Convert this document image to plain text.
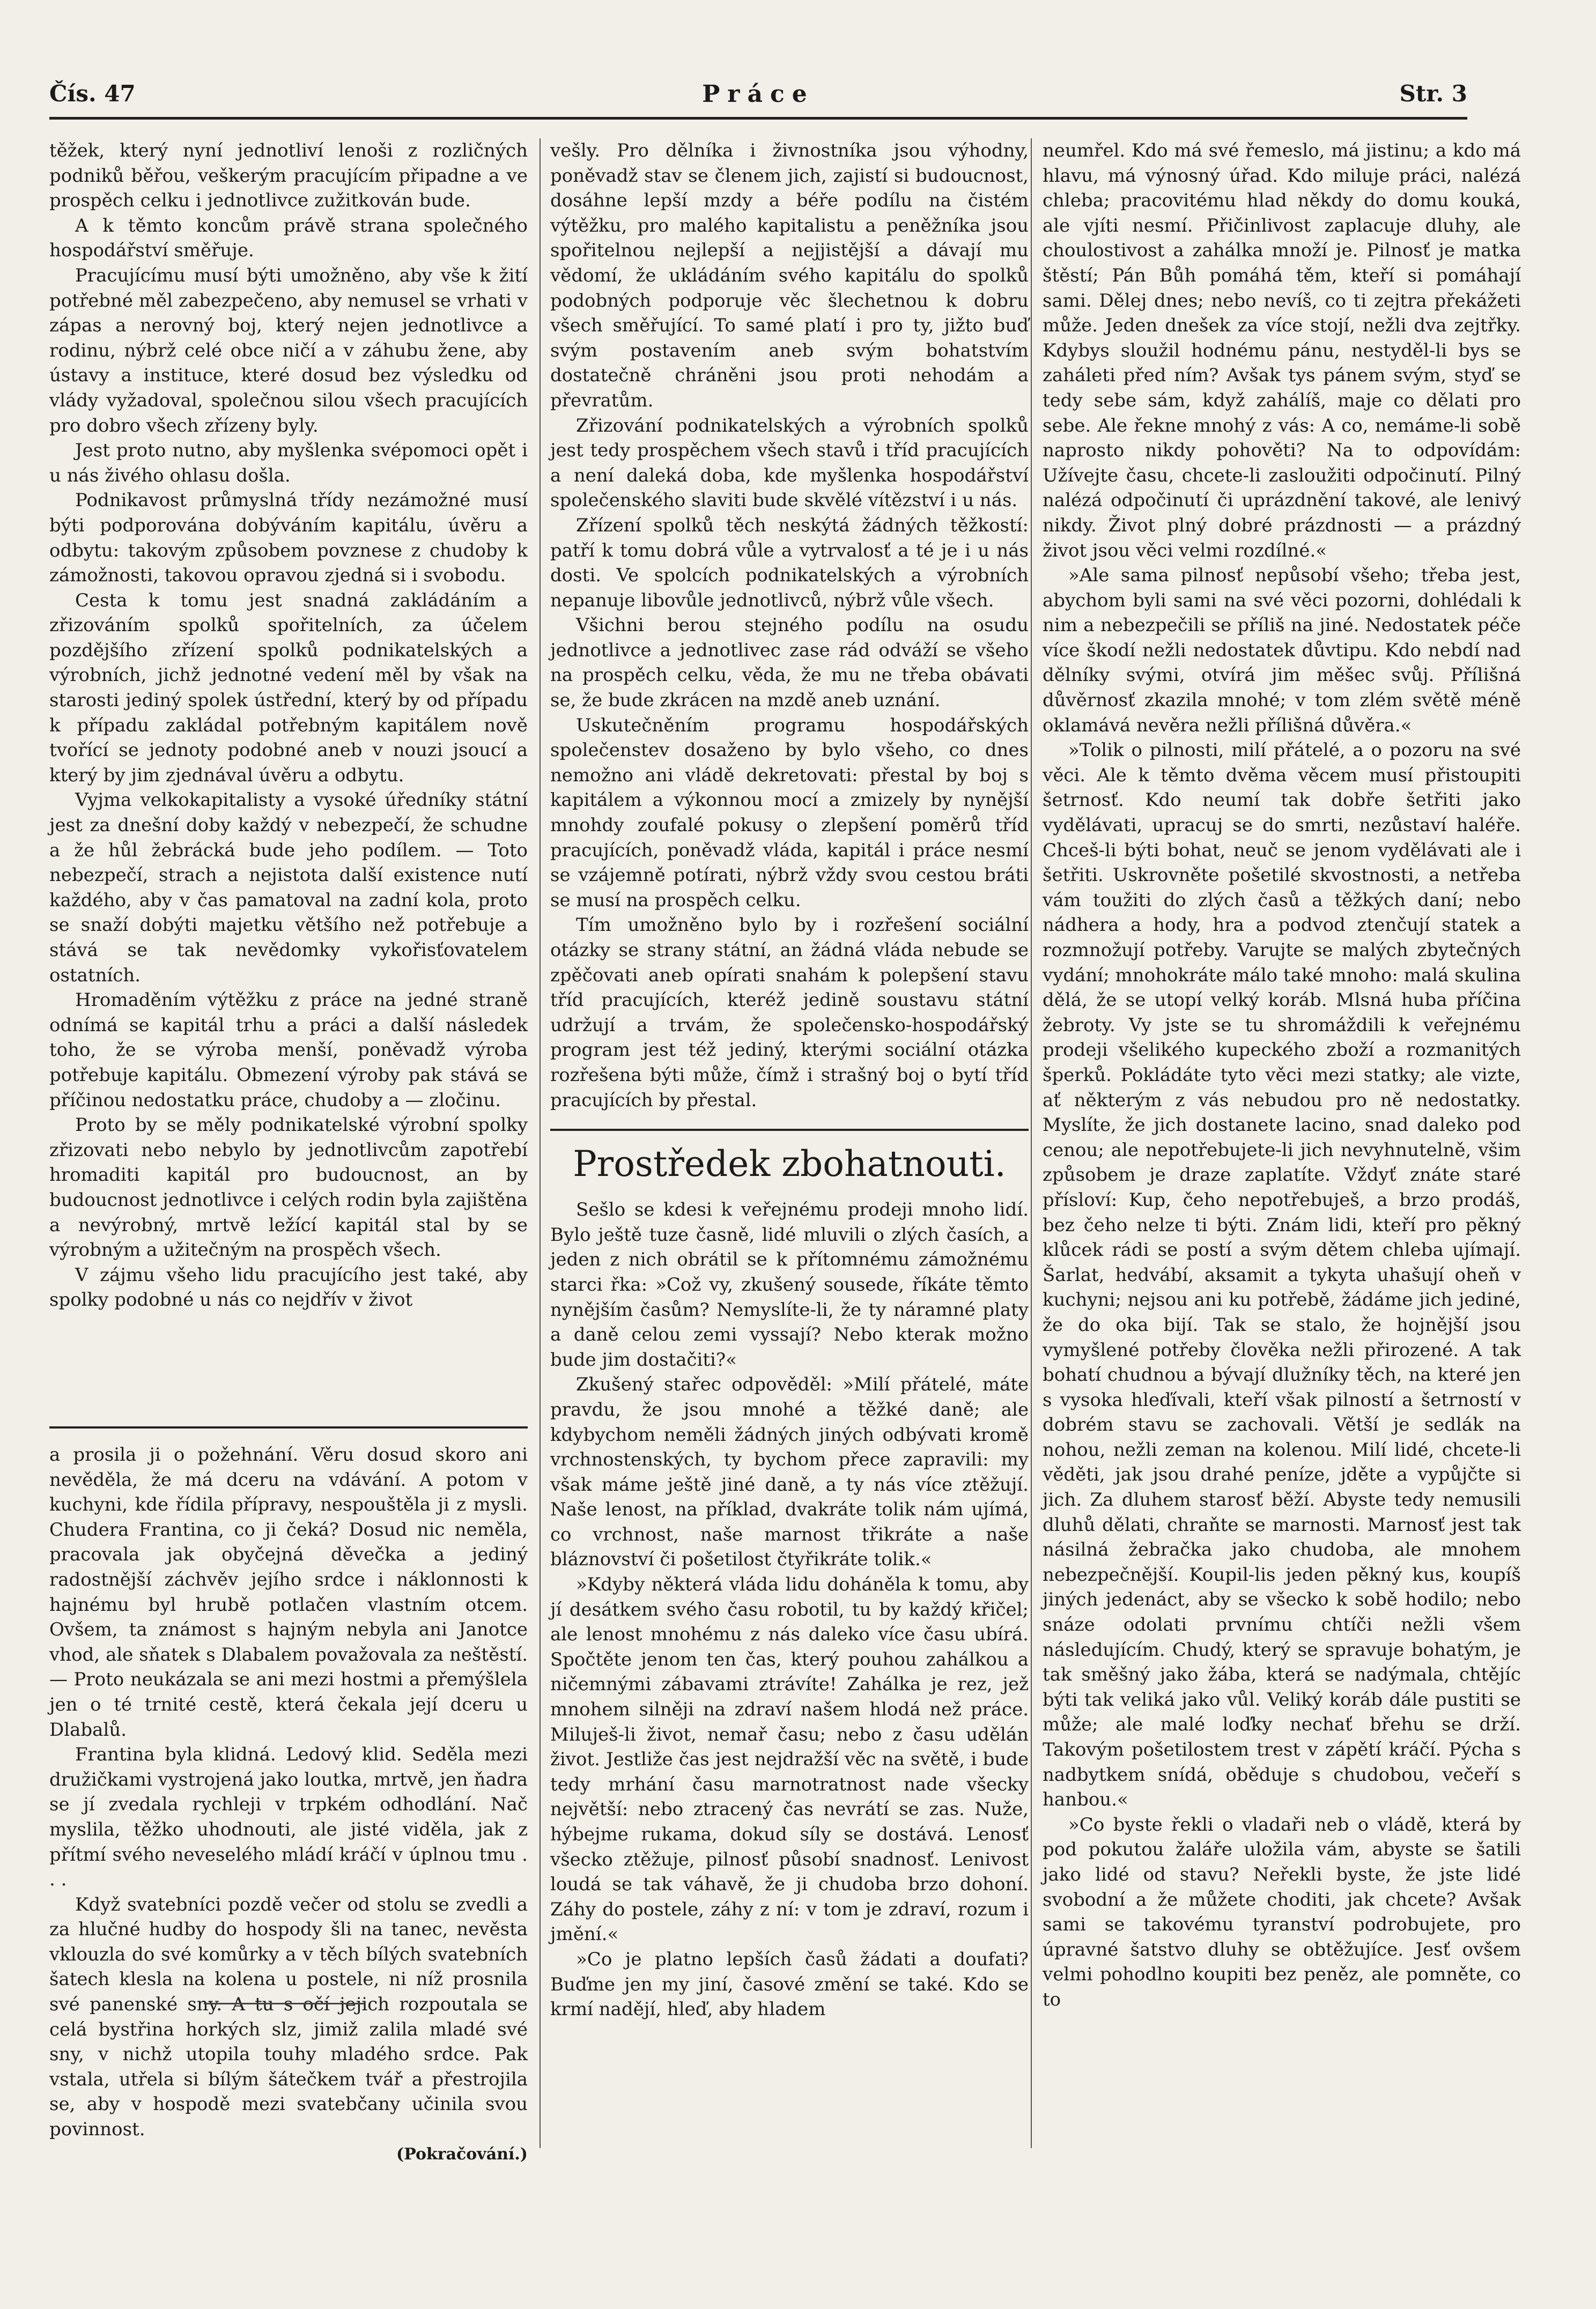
Čís. 47	Práce	Str. 3

těžek, který nyní jednotliví lenoši z rozličných podniků běřou, veškerým pracujícím připadne a ve prospěch celku i jednotlivce zužitkován bude.

A k těmto koncům právě strana společného hospodářství směřuje.

Pracujícímu musí býti umožněno, aby vše k žití potřebné měl zabezpečeno, aby nemusel se vrhati v zápas a nerovný boj, který nejen jednotlivce a rodinu, nýbrž celé obce ničí a v záhubu žene, aby ústavy a instituce, které dosud bez výsledku od vlády vyžadoval, společnou silou všech pracujících pro dobro všech zřízeny byly.

Jest proto nutno, aby myšlenka svépomoci opět i u nás živého ohlasu došla.

Podnikavost průmyslná třídy nezámožné musí býti podporována dobýváním kapitálu, úvěru a odbytu: takovým způsobem povznese z chudoby k zámožnosti, takovou opravou zjedná si i svobodu.

Cesta k tomu jest snadná zakládáním a zřizováním spolků spořitelních, za účelem pozdějšího zřízení spolků podnikatelských a výrobních, jichž jednotné vedení měl by však na starosti jediný spolek ústřední, který by od případu k případu zakládal potřebným kapitálem nově tvořící se jednoty podobné aneb v nouzi jsoucí a který by jim zjednával úvěru a odbytu.

Vyjma velkokapitalisty a vysoké úředníky státní jest za dnešní doby každý v nebezpečí, že schudne a že hůl žebrácká bude jeho podílem. — Toto nebezpečí, strach a nejistota další existence nutí každého, aby v čas pamatoval na zadní kola, proto se snaží dobýti majetku většího než potřebuje a stává se tak nevědomky vykořisťovatelem ostatních.

Hromaděním výtěžku z práce na jedné straně odnímá se kapitál trhu a práci a další následek toho, že se výroba menší, poněvadž výroba potřebuje kapitálu. Obmezení výroby pak stává se příčinou nedostatku práce, chudoby a — zločinu.

Proto by se měly podnikatelské výrobní spolky zřizovati nebo nebylo by jednotlivcům zapotřebí hromaditi kapitál pro budoucnost, an by budoucnost jednotlivce i celých rodin byla zajištěna a nevýrobný, mrtvě ležící kapitál stal by se výrobným a užitečným na prospěch všech.

V zájmu všeho lidu pracujícího jest také, aby spolky podobné u nás co nejdřív v život

a prosila ji o požehnání. Věru dosud skoro ani nevěděla, že má dceru na vdávání. A potom v kuchyni, kde řídila přípravy, nespouštěla ji z mysli. Chudera Frantina, co ji čeká? Dosud nic neměla, pracovala jak obyčejná děvečka a jediný radostnější záchvěv jejího srdce i náklonnosti k hajnému byl hrubě potlačen vlastním otcem. Ovšem, ta známost s hajným nebyla ani Janotce vhod, ale sňatek s Dlabalem považovala za neštěstí. — Proto neukázala se ani mezi hostmi a přemýšlela jen o té trnité cestě, která čekala její dceru u Dlabalů.

Frantina byla klidná. Ledový klid. Seděla mezi družičkami vystrojená jako loutka, mrtvě, jen ňadra se jí zvedala rychleji v trpkém odhodlání. Nač myslila, těžko uhodnouti, ale jisté viděla, jak z přítmí svého neveselého mládí kráčí v úplnou tmu . . .

Když svatebníci pozdě večer od stolu se zvedli a za hlučné hudby do hospody šli na tanec, nevěsta vklouzla do své komůrky a v těch bílých svatebních šatech klesla na kolena u postele, ni níž prosnila své panenské sny. A tu s očí jejich rozpoutala se celá bystřina horkých slz, jimiž zalila mladé své sny, v nichž utopila touhy mladého srdce. Pak vstala, utřela si bílým šátečkem tvář a přestrojila se, aby v hospodě mezi svatebčany učinila svou povinnost.

(Pokračování.)

vešly. Pro dělníka i živnostníka jsou výhodny, poněvadž stav se členem jich, zajistí si budoucnost, dosáhne lepší mzdy a béře podílu na čistém výtěžku, pro malého kapitalistu a peněžníka jsou spořitelnou nejlepší a nejjistější a dávají mu vědomí, že ukládáním svého kapitálu do spolků podobných podporuje věc šlechetnou k dobru všech směřující. To samé platí i pro ty, jižto buď svým postavením aneb svým bohatstvím dostatečně chráněni jsou proti nehodám a převratům.

Zřizování podnikatelských a výrobních spolků jest tedy prospěchem všech stavů i tříd pracujících a není daleká doba, kde myšlenka hospodářství společenského slaviti bude skvělé vítězství i u nás.

Zřízení spolků těch neskýtá žádných těžkostí: patří k tomu dobrá vůle a vytrvalosť a té je i u nás dosti. Ve spolcích podnikatelských a výrobních nepanuje libovůle jednotlivců, nýbrž vůle všech.

Všichni berou stejného podílu na osudu jednotlivce a jednotlivec zase rád odváží se všeho na prospěch celku, věda, že mu ne třeba obávati se, že bude zkrácen na mzdě aneb uznání.

Uskutečněním programu hospodářských společenstev dosaženo by bylo všeho, co dnes nemožno ani vládě dekretovati: přestal by boj s kapitálem a výkonnou mocí a zmizely by nynější mnohdy zoufalé pokusy o zlepšení poměrů tříd pracujících, poněvadž vláda, kapitál i práce nesmí se vzájemně potírati, nýbrž vždy svou cestou bráti se musí na prospěch celku.

Tím umožněno bylo by i rozřešení sociální otázky se strany státní, an žádná vláda nebude se zpěčovati aneb opírati snahám k polepšení stavu tříd pracujících, kteréž jedině soustavu státní udržují a trvám, že společensko-hospodářský program jest též jediný, kterými sociální otázka rozřešena býti může, čímž i strašný boj o bytí tříd pracujících by přestal.

Prostředek zbohatnouti.

Sešlo se kdesi k veřejnému prodeji mnoho lidí. Bylo ještě tuze časně, lidé mluvili o zlých časích, a jeden z nich obrátil se k přítomnému zámožnému starci řka: »Což vy, zkušený sousede, říkáte těmto nynějším časům? Nemyslíte-li, že ty náramné platy a daně celou zemi vyssají? Nebo kterak možno bude jim dostačiti?«

Zkušený stařec odpověděl: »Milí přátelé, máte pravdu, že jsou mnohé a těžké daně; ale kdybychom neměli žádných jiných odbývati kromě vrchnostenských, ty bychom přece zapravili: my však máme ještě jiné daně, a ty nás více ztěžují. Naše lenost, na příklad, dvakráte tolik nám ujímá, co vrchnost, naše marnost třikráte a naše bláznovství či pošetilost čtyřikráte tolik.«

»Kdyby některá vláda lidu doháněla k tomu, aby jí desátkem svého času robotil, tu by každý křičel; ale lenost mnohému z nás daleko více času ubírá. Spočtěte jenom ten čas, který pouhou zahálkou a ničemnými zábavami ztrávíte! Zahálka je rez, jež mnohem silněji na zdraví našem hlodá než práce. Miluješ-li život, nemař času; nebo z času udělán život. Jestliže čas jest nejdražší věc na světě, i bude tedy mrhání času marnotratnost nade všecky největší: nebo ztracený čas nevrátí se zas. Nuže, hýbejme rukama, dokud síly se dostává. Lenosť všecko ztěžuje, pilnosť působí snadnosť. Lenivost loudá se tak váhavě, že ji chudoba brzo dohoní. Záhy do postele, záhy z ní: v tom je zdraví, rozum i jmění.«

»Co je platno lepších časů žádati a doufati? Buďme jen my jiní, časové změní se také. Kdo se krmí nadějí, hleď, aby hladem

neumřel. Kdo má své řemeslo, má jistinu; a kdo má hlavu, má výnosný úřad. Kdo miluje práci, nalézá chleba; pracovitému hlad někdy do domu kouká, ale vjíti nesmí. Přičinlivost zaplacuje dluhy, ale choulostivost a zahálka množí je. Pilnosť je matka štěstí; Pán Bůh pomáhá těm, kteří si pomáhají sami. Dělej dnes; nebo nevíš, co ti zejtra překážeti může. Jeden dnešek za více stojí, nežli dva zejtřky. Kdybys sloužil hodnému pánu, nestyděl-li bys se zaháleti před ním? Avšak tys pánem svým, styď se tedy sebe sám, když zahálíš, maje co dělati pro sebe. Ale řekne mnohý z vás: A co, nemáme-li sobě naprosto nikdy pohověti? Na to odpovídám: Užívejte času, chcete-li zasloužiti odpočinutí. Pilný nalézá odpočinutí či uprázdnění takové, ale lenivý nikdy. Život plný dobré prázdnosti — a prázdný život jsou věci velmi rozdílné.«

»Ale sama pilnosť nepůsobí všeho; třeba jest, abychom byli sami na své věci pozorni, dohlédali k nim a nebezpečili se příliš na jiné. Nedostatek péče více škodí nežli nedostatek důvtipu. Kdo nebdí nad dělníky svými, otvírá jim měšec svůj. Přílišná důvěrnosť zkazila mnohé; v tom zlém světě méně oklamává nevěra nežli přílišná důvěra.«

»Tolik o pilnosti, milí přátelé, a o pozoru na své věci. Ale k těmto dvěma věcem musí přistoupiti šetrnosť. Kdo neumí tak dobře šetřiti jako vydělávati, upracuj se do smrti, nezůstaví haléře. Chceš-li býti bohat, neuč se jenom vydělávati ale i šetřiti. Uskrovněte pošetilé skvostnosti, a netřeba vám toužiti do zlých časů a těžkých daní; nebo nádhera a hody, hra a podvod ztenčují statek a rozmnožují potřeby. Varujte se malých zbytečných vydání; mnohokráte málo také mnoho: malá skulina dělá, že se utopí velký koráb. Mlsná huba příčina žebroty. Vy jste se tu shromáždili k veřejnému prodeji všelikého kupeckého zboží a rozmanitých šperků. Pokládáte tyto věci mezi statky; ale vizte, ať některým z vás nebudou pro ně nedostatky. Myslíte, že jich dostanete lacino, snad daleko pod cenou; ale nepotřebujete-li jich nevyhnutelně, všim způsobem je draze zaplatíte. Vždyť znáte staré přísloví: Kup, čeho nepotřebuješ, a brzo prodáš, bez čeho nelze ti býti. Znám lidi, kteří pro pěkný klůcek rádi se postí a svým dětem chleba ujímají. Šarlat, hedvábí, aksamit a tykyta uhašují oheň v kuchyni; nejsou ani ku potřebě, žádáme jich jediné, že do oka bijí. Tak se stalo, že hojnější jsou vymyšlené potřeby člověka nežli přirozené. A tak bohatí chudnou a bývají dlužníky těch, na které jen s vysoka hleďívali, kteří však pilností a šetrností v dobrém stavu se zachovali. Větší je sedlák na nohou, nežli zeman na kolenou. Milí lidé, chcete-li věděti, jak jsou drahé peníze, jděte a vypůjčte si jich. Za dluhem starosť běží. Abyste tedy nemusili dluhů dělati, chraňte se marnosti. Marnosť jest tak násilná žebračka jako chudoba, ale mnohem nebezpečnější. Koupil-lis jeden pěkný kus, koupíš jiných jedenáct, aby se všecko k sobě hodilo; nebo snáze odolati prvnímu chtíči nežli všem následujícím. Chudý, který se spravuje bohatým, je tak směšný jako žába, která se nadýmala, chtějíc býti tak veliká jako vůl. Veliký koráb dále pustiti se může; ale malé loďky nechať břehu se drží. Takovým pošetilostem trest v zápětí kráčí. Pýcha s nadbytkem snídá, oběduje s chudobou, večeří s hanbou.«

»Co byste řekli o vladaři neb o vládě, která by pod pokutou žaláře uložila vám, abyste se šatili jako lidé od stavu? Neřekli byste, že jste lidé svobodní a že můžete choditi, jak chcete? Avšak sami se takovému tyranství podrobujete, pro úpravné šatstvo dluhy se obtěžujíce. Jesť ovšem velmi pohodlno koupiti bez peněz, ale pomněte, co to
